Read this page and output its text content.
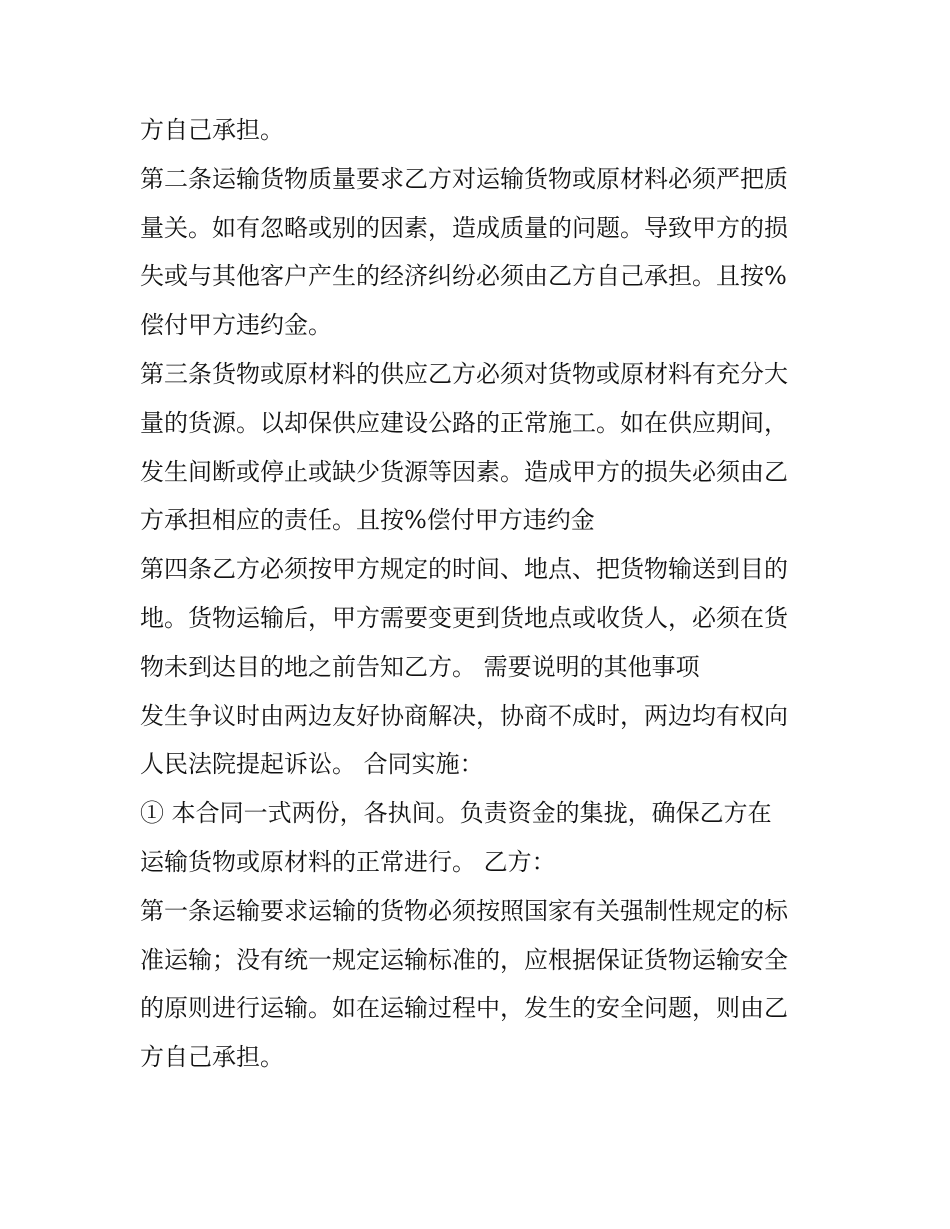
方自己承担。
第二条运输货物质量要求乙方对运输货物或原材料必须严把质
量关。如有忽略或别的因素，造成质量的问题。导致甲方的损
失或与其他客户产生的经济纠纷必须由乙方自己承担。且按%
偿付甲方违约金。
第三条货物或原材料的供应乙方必须对货物或原材料有充分大
量的货源。以却保供应建设公路的正常施工。如在供应期间，
发生间断或停止或缺少货源等因素。造成甲方的损失必须由乙
方承担相应的责任。且按%偿付甲方违约金
第四条乙方必须按甲方规定的时间、地点、把货物输送到目的
地。货物运输后，甲方需要变更到货地点或收货人，必须在货
物未到达目的地之前告知乙方。 需要说明的其他事项
发生争议时由两边友好协商解决，协商不成时，两边均有权向
人民法院提起诉讼。 合同实施：
① 本合同一式两份，各执间。负责资金的集拢，确保乙方在
运输货物或原材料的正常进行。 乙方：
第一条运输要求运输的货物必须按照国家有关强制性规定的标
准运输；没有统一规定运输标准的，应根据保证货物运输安全
的原则进行运输。如在运输过程中，发生的安全问题，则由乙
方自己承担。
